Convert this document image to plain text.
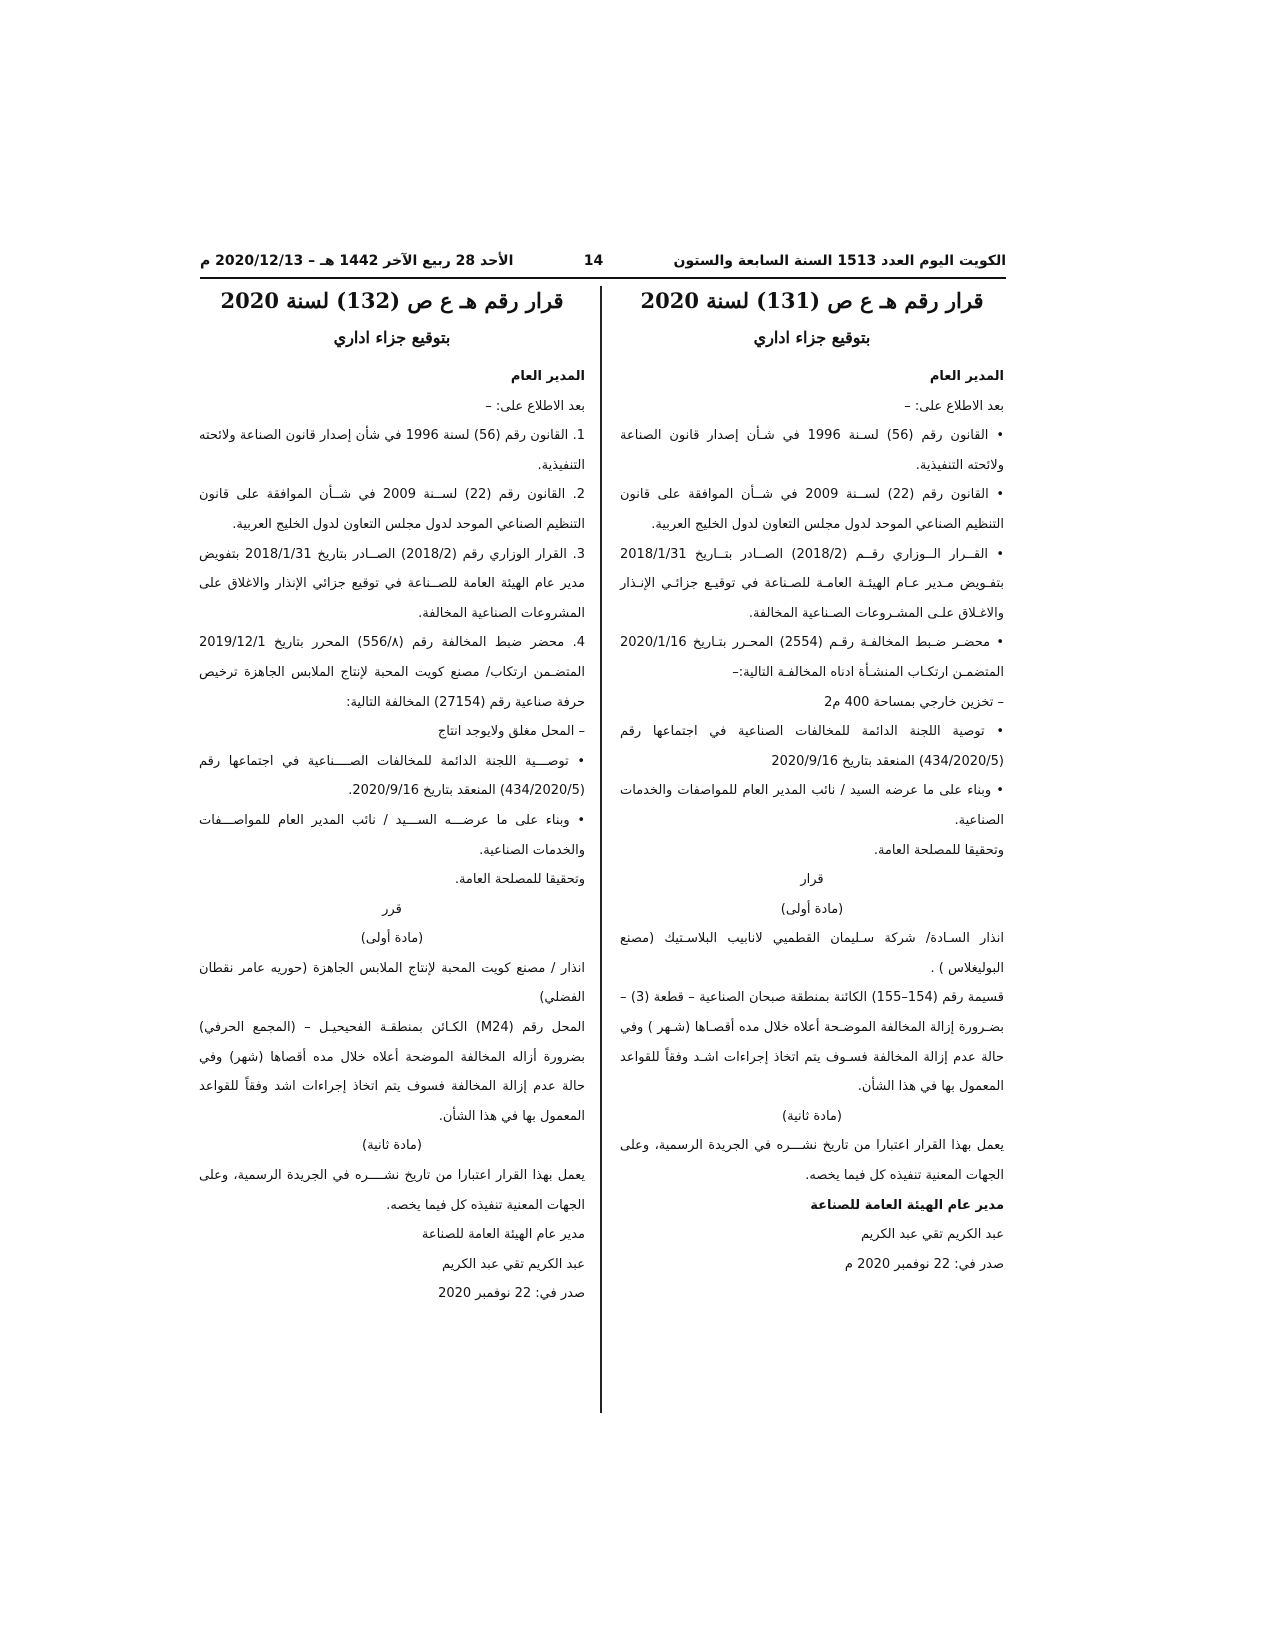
الكويت اليوم العدد 1513 السنة السابعة والستون
14
الأحد 28 ربيع الآخر 1442 هـ – 2020/12/13 م

قرار رقم هـ ع ص (131) لسنة 2020

بتوقيع جزاء اداري

المدير العام

بعد الاطلاع على: –

• القانون رقم (56) لسـنة 1996 في شـأن إصدار قانون الصناعة ولائحته التنفيذية.

• القانون رقم (22) لســنة 2009 في شــأن الموافقة على قانون التنظيم الصناعي الموحد لدول مجلس التعاون لدول الخليج العربية.

• القــرار الــوزاري رقــم (2018/2) الصــادر بتــاريخ 2018/1/31 بتفـويض مـدير عـام الهيئـة العامـة للصـناعة في توقيـع جزائـي الإنـذار والاغـلاق علـى المشـروعات الصـناعية المخالفة.

• محضـر ضـبط المخالفـة رقـم (2554) المحـرر بتـاريخ 2020/1/16 المتضمـن ارتكـاب المنشـأة ادناه المخالفـة التالية:–

– تخزين خارجي بمساحة 400 م2

• توصية اللجنة الدائمة للمخالفات الصناعية في اجتماعها رقم (434/2020/5) المنعقد بتاريخ 2020/9/16

• وبناء على ما عرضه السيد / نائب المدير العام للمواصفات والخدمات الصناعية.

وتحقيقا للمصلحة العامة.

قرار

(مادة أولى)

انذار السـادة/ شركة سـليمان القطميي لانابيب البلاسـتيك (مصنع البوليغلاس ) .

قسيمة رقم (154–155) الكائنة بمنطقة صبحان الصناعية – قطعة (3) – بضـرورة إزالة المخالفة الموضـحة أعلاه خلال مده أقصـاها (شـهر ) وفي حالة عدم إزالة المخالفة فسـوف يتم اتخاذ إجراءات اشـد وفقاً للقواعد المعمول بها في هذا الشأن.

(مادة ثانية)

يعمل بهذا القرار اعتبارا من تاريخ نشـــره في الجريدة الرسمية، وعلى الجهات المعنية تنفيذه كل فيما يخصه.

مدير عام الهيئة العامة للصناعة

عبد الكريم تقي عبد الكريم

صدر في: 22 نوفمبر 2020 م

قرار رقم هـ ع ص (132) لسنة 2020

بتوقيع جزاء اداري

المدير العام

بعد الاطلاع على: –

1. القانون رقم (56) لسنة 1996 في شأن إصدار قانون الصناعة ولائحته التنفيذية.

2. القانون رقم (22) لســنة 2009 في شــأن الموافقة على قانون التنظيم الصناعي الموحد لدول مجلس التعاون لدول الخليج العربية.

3. القرار الوزاري رقم (2018/2) الصــادر بتاريخ 2018/1/31 بتفويض مدير عام الهيئة العامة للصــناعة في توقيع جزائي الإنذار والاغلاق على المشروعات الصناعية المخالفة.

4. محضر ضبط المخالفة رقم (556/٨) المحرر بتاريخ 2019/12/1 المتضـمن ارتكاب/ مصنع كويت المحبة لإنتاج الملابس الجاهزة ترخيص حرفة صناعية رقم (27154) المخالفة التالية:

– المحل مغلق ولايوجد انتاج

• توصـــية اللجنة الدائمة للمخالفات الصــــناعية في اجتماعها رقم (434/2020/5) المنعقد بتاريخ 2020/9/16.

• وبناء على ما عرضـــه الســـيد / نائب المدير العام للمواصـــفات والخدمات الصناعية.

وتحقيقا للمصلحة العامة.

قرر

(مادة أولى)

انذار / مصنع كويت المحبة لإنتاج الملابس الجاهزة (حوريه عامر نقطان الفضلي)

المحل رقم (M24) الكـائن بمنطقـة الفحيحيـل – (المجمع الحرفي) بضرورة أزاله المخالفة الموضحة أعلاه خلال مده أقصاها (شهر) وفي حالة عدم إزالة المخالفة فسوف يتم اتخاذ إجراءات اشد وفقاً للقواعد المعمول بها في هذا الشأن.

(مادة ثانية)

يعمل بهذا القرار اعتبارا من تاريخ نشــــره في الجريدة الرسمية، وعلى الجهات المعنية تنفيذه كل فيما يخصه.

مدير عام الهيئة العامة للصناعة

عبد الكريم تقي عبد الكريم

صدر في: 22 نوفمبر 2020
